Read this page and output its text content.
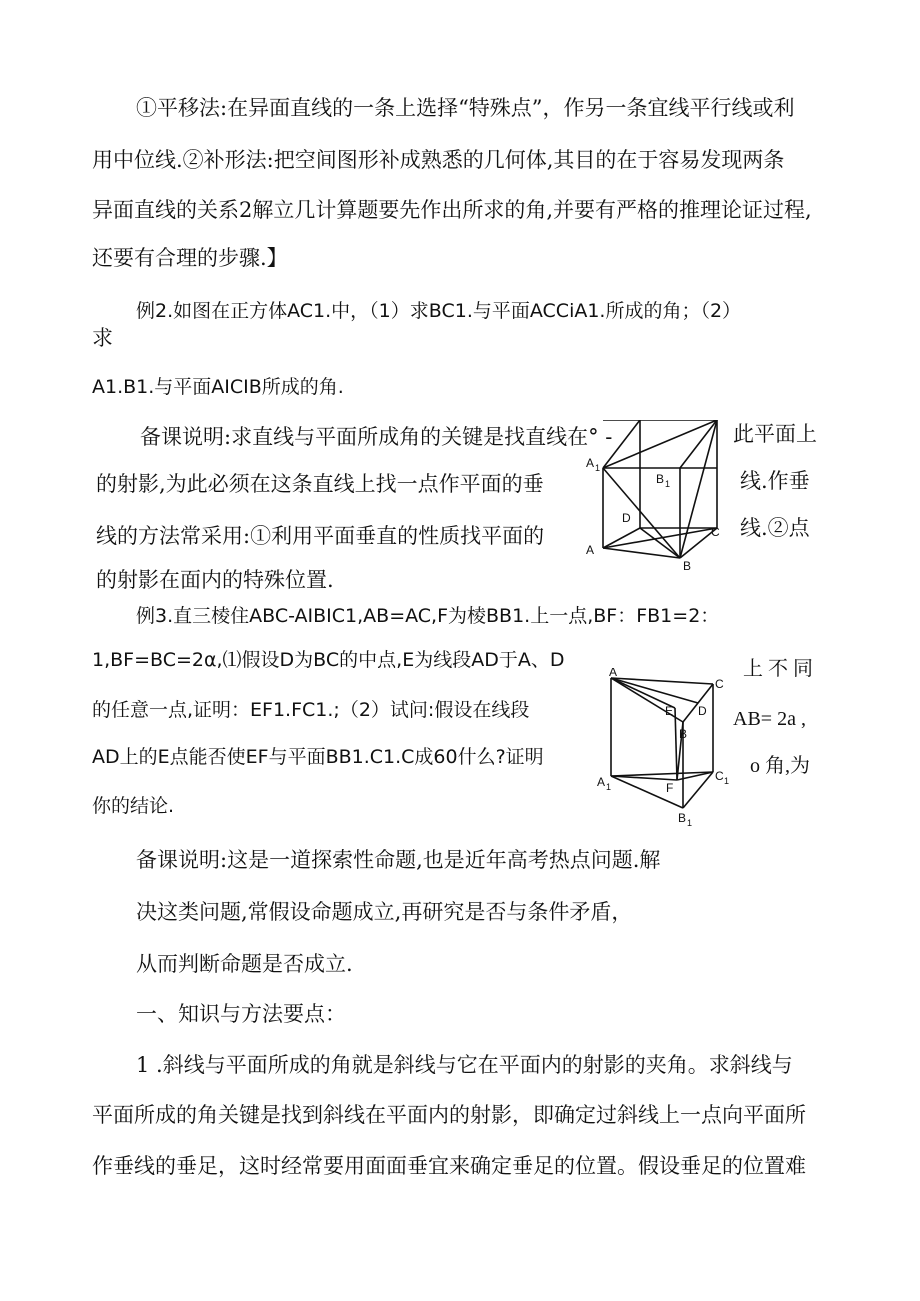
①平移法:在异面直线的一条上选择“特殊点”，作另一条宜线平行线或利
用中位线.②补形法:把空间图形补成熟悉的几何体,其目的在于容易发现两条
异面直线的关系2解立几计算题要先作出所求的角,并要有严格的推理论证过程,
还要有合理的步骤.】
例2.如图在正方体AC1.中，（1）求BC1.与平面ACCiA1.所成的角；（2）
求
A1.B1.与平面AICIB所成的角.
备课说明:求直线与平面所成角的关键是找直线在° -
的射影,为此必须在这条直线上找一点作平面的垂
线的方法常采用:①利用平面垂直的性质找平面的
的射影在面内的特殊位置.
此平面上
线.作垂
线.②点
A 1
B 1
D
A
B
C
例3.直三棱住ABC-AIBIC1,AB=AC,F为棱BB1.上一点,BF：FB1=2：
1,BF=BC=2α,⑴假设D为BC的中点,E为线段AD于A、D
的任意一点,证明：EF1.FC1.;（2）试问:假设在线段
AD上的E点能否使EF与平面BB1.C1.C成60什么?证明
你的结论.
上 不 同
AB= 2a ,
o 角,为
A
C
E D
B
A 1	F
C 1
B 1
备课说明:这是一道探索性命题,也是近年高考热点问题.解
决这类问题,常假设命题成立,再研究是否与条件矛盾，
从而判断命题是否成立.
一、知识与方法要点：
1 .斜线与平面所成的角就是斜线与它在平面内的射影的夹角。求斜线与
平面所成的角关键是找到斜线在平面内的射影，即确定过斜线上一点向平面所
作垂线的垂足，这时经常要用面面垂宜来确定垂足的位置。假设垂足的位置难
